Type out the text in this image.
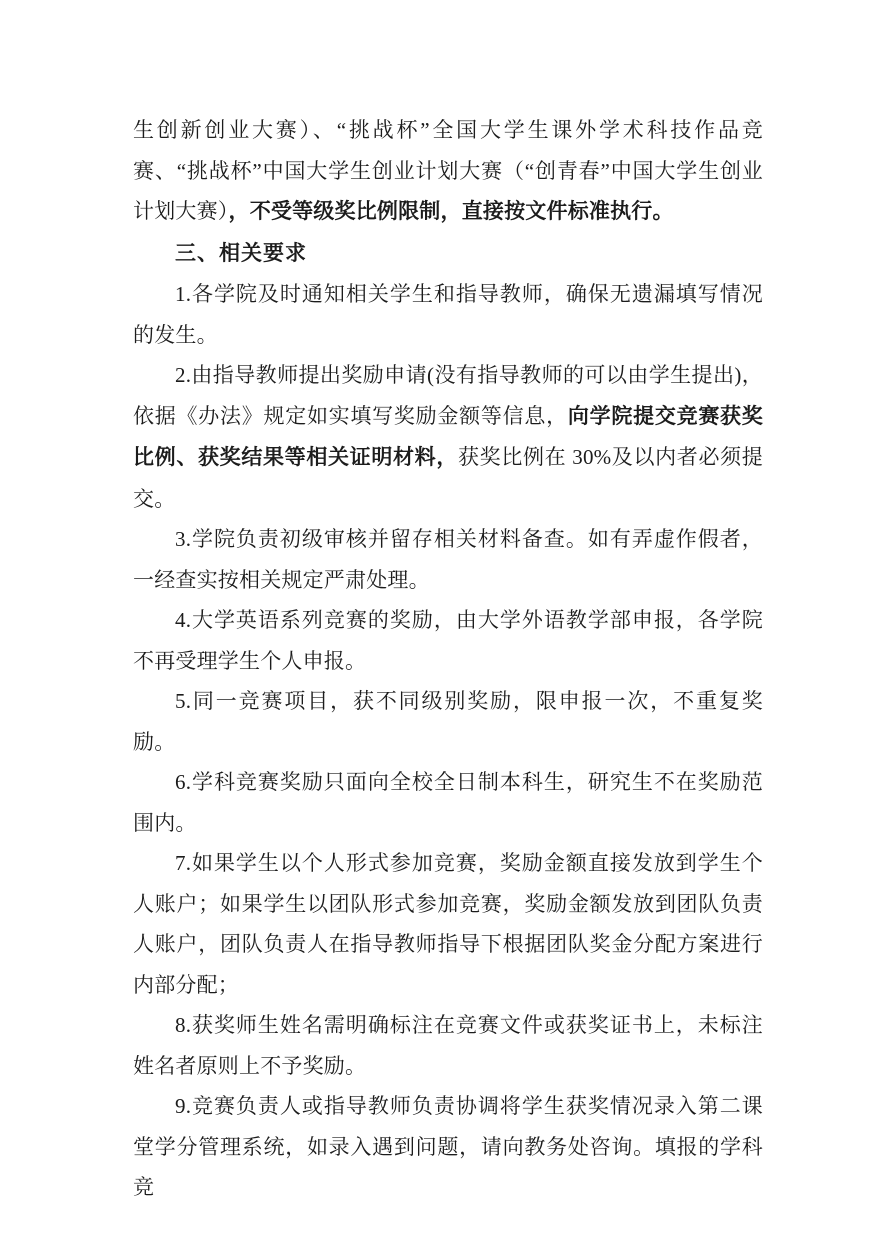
生创新创业大赛）、“挑战杯”全国大学生课外学术科技作品竞赛、“挑战杯”中国大学生创业计划大赛（“创青春”中国大学生创业计划大赛），不受等级奖比例限制，直接按文件标准执行。

三、相关要求

1.各学院及时通知相关学生和指导教师，确保无遗漏填写情况的发生。

2.由指导教师提出奖励申请(没有指导教师的可以由学生提出)，依据《办法》规定如实填写奖励金额等信息，向学院提交竞赛获奖比例、获奖结果等相关证明材料，获奖比例在 30%及以内者必须提交。

3.学院负责初级审核并留存相关材料备查。如有弄虚作假者，一经查实按相关规定严肃处理。

4.大学英语系列竞赛的奖励，由大学外语教学部申报，各学院不再受理学生个人申报。

5.同一竞赛项目，获不同级别奖励，限申报一次，不重复奖励。

6.学科竞赛奖励只面向全校全日制本科生，研究生不在奖励范围内。

7.如果学生以个人形式参加竞赛，奖励金额直接发放到学生个人账户；如果学生以团队形式参加竞赛，奖励金额发放到团队负责人账户，团队负责人在指导教师指导下根据团队奖金分配方案进行内部分配；

8.获奖师生姓名需明确标注在竞赛文件或获奖证书上，未标注姓名者原则上不予奖励。

9.竞赛负责人或指导教师负责协调将学生获奖情况录入第二课堂学分管理系统，如录入遇到问题，请向教务处咨询。填报的学科竞
